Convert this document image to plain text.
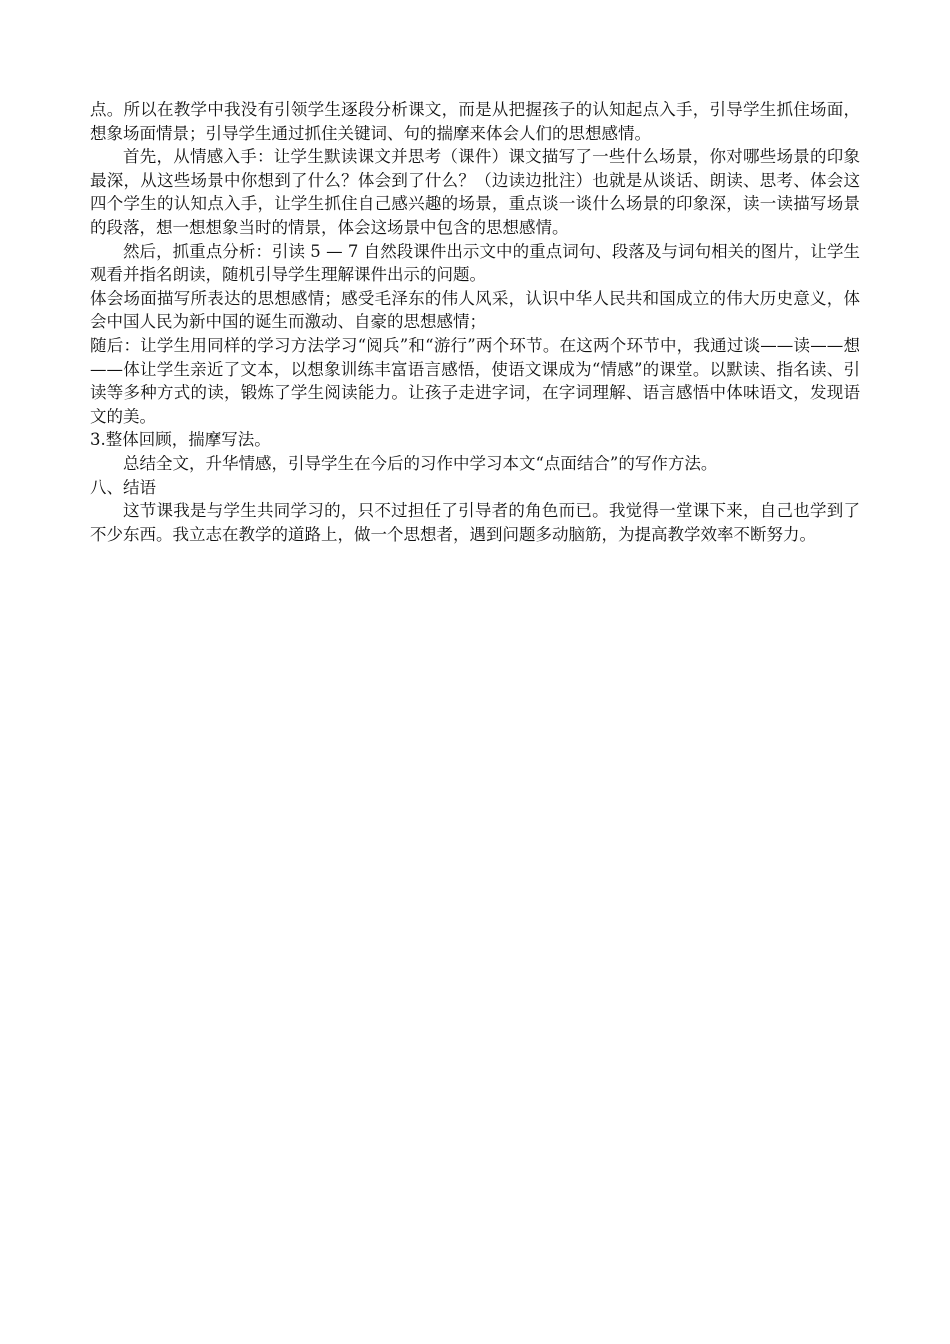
点。所以在教学中我没有引领学生逐段分析课文，而是从把握孩子的认知起点入手，引导学生抓住场面，想象场面情景；引导学生通过抓住关键词、句的揣摩来体会人们的思想感情。

首先，从情感入手：让学生默读课文并思考（课件）课文描写了一些什么场景，你对哪些场景的印象最深，从这些场景中你想到了什么？体会到了什么？（边读边批注）也就是从谈话、朗读、思考、体会这四个学生的认知点入手，让学生抓住自己感兴趣的场景，重点谈一谈什么场景的印象深，读一读描写场景的段落，想一想想象当时的情景，体会这场景中包含的思想感情。

然后，抓重点分析：引读 5 — 7 自然段课件出示文中的重点词句、段落及与词句相关的图片，让学生观看并指名朗读，随机引导学生理解课件出示的问题。

体会场面描写所表达的思想感情；感受毛泽东的伟人风采，认识中华人民共和国成立的伟大历史意义，体会中国人民为新中国的诞生而激动、自豪的思想感情；

随后：让学生用同样的学习方法学习“阅兵”和“游行”两个环节。在这两个环节中，我通过谈——读——想——体让学生亲近了文本，以想象训练丰富语言感悟，使语文课成为“情感”的课堂。以默读、指名读、引读等多种方式的读，锻炼了学生阅读能力。让孩子走进字词，在字词理解、语言感悟中体味语文，发现语文的美。

3.整体回顾，揣摩写法。

总结全文，升华情感，引导学生在今后的习作中学习本文“点面结合”的写作方法。

八、结语

这节课我是与学生共同学习的，只不过担任了引导者的角色而已。我觉得一堂课下来，自己也学到了不少东西。我立志在教学的道路上，做一个思想者，遇到问题多动脑筋，为提高教学效率不断努力。
